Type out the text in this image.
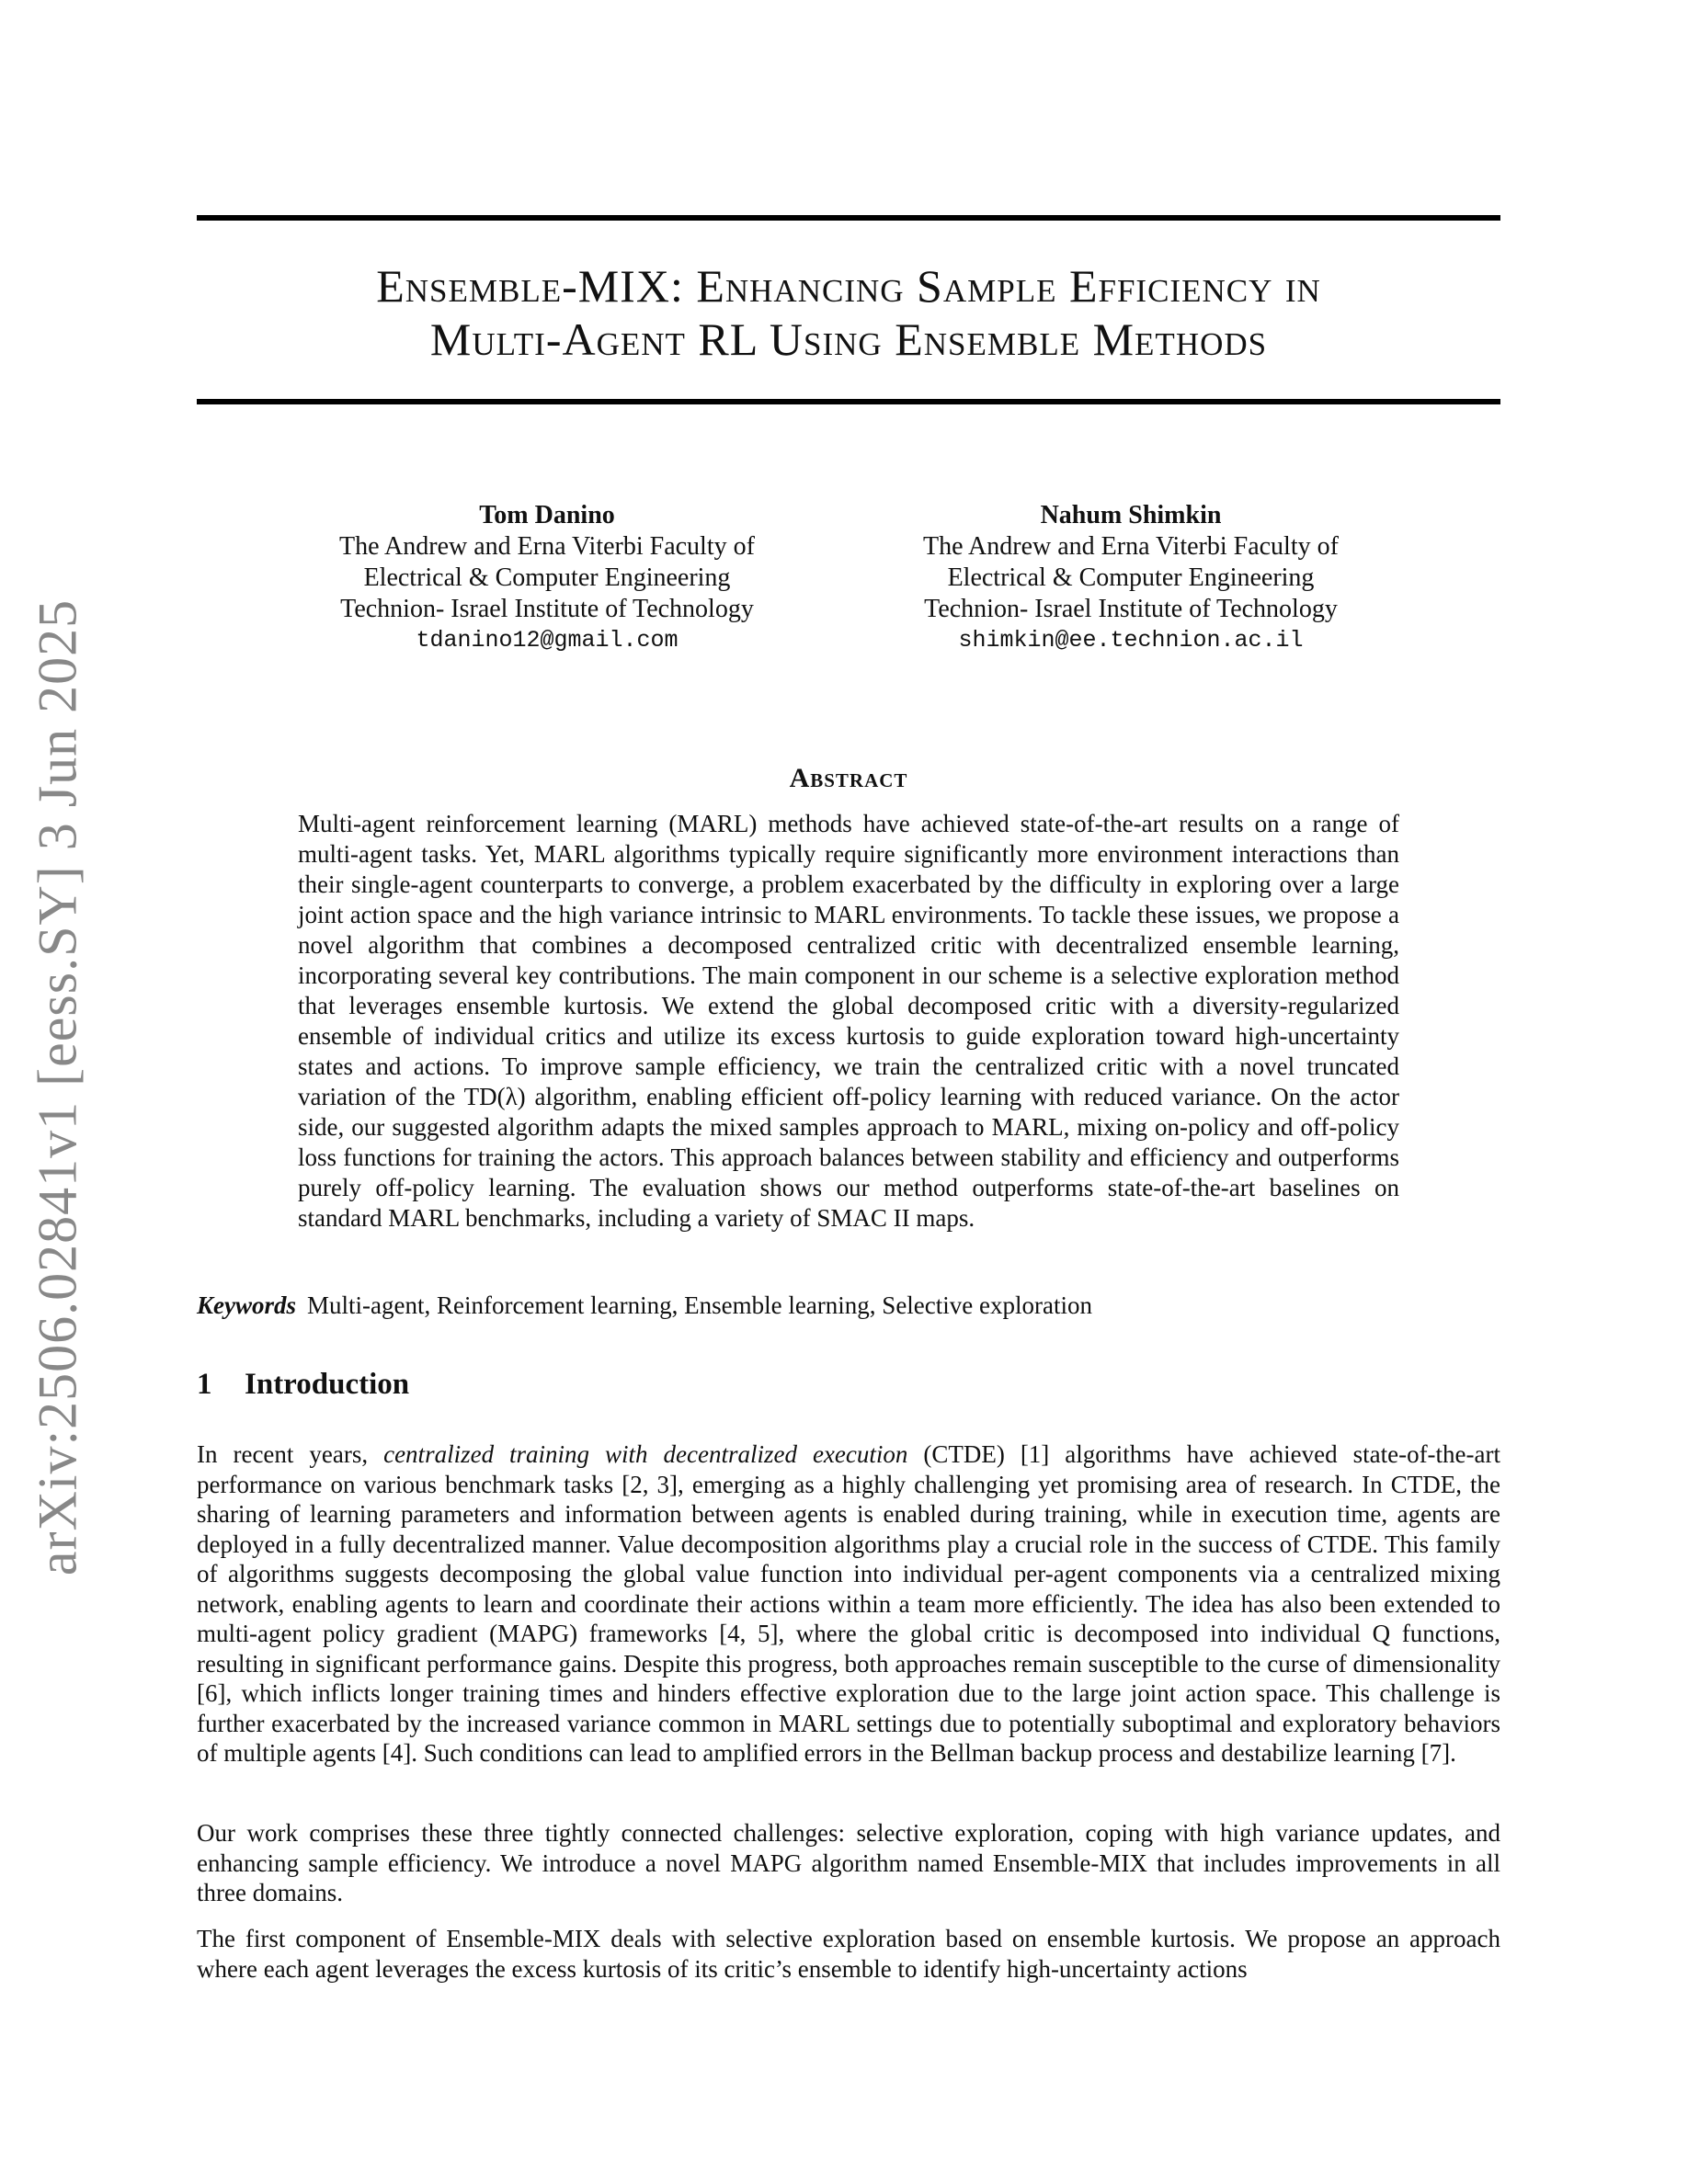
arXiv:2506.02841v1 [eess.SY] 3 Jun 2025
Ensemble-MIX: Enhancing Sample Efficiency in
Multi-Agent RL Using Ensemble Methods
Tom Danino
The Andrew and Erna Viterbi Faculty of
Electrical & Computer Engineering
Technion- Israel Institute of Technology
tdanino12@gmail.com
Nahum Shimkin
The Andrew and Erna Viterbi Faculty of
Electrical & Computer Engineering
Technion- Israel Institute of Technology
shimkin@ee.technion.ac.il
Abstract
Multi-agent reinforcement learning (MARL) methods have achieved state-of-the-art results on a range of multi-agent tasks. Yet, MARL algorithms typically require significantly more environment interactions than their single-agent counterparts to converge, a problem exacerbated by the difficulty in exploring over a large joint action space and the high variance intrinsic to MARL environments. To tackle these issues, we propose a novel algorithm that combines a decomposed centralized critic with decentralized ensemble learning, incorporating several key contributions. The main component in our scheme is a selective exploration method that leverages ensemble kurtosis. We extend the global decomposed critic with a diversity-regularized ensemble of individual critics and utilize its excess kurtosis to guide exploration toward high-uncertainty states and actions. To improve sample efficiency, we train the centralized critic with a novel truncated variation of the TD(λ) algorithm, enabling efficient off-policy learning with reduced variance. On the actor side, our suggested algorithm adapts the mixed samples approach to MARL, mixing on-policy and off-policy loss functions for training the actors. This approach balances between stability and efficiency and outperforms purely off-policy learning. The evaluation shows our method outperforms state-of-the-art baselines on standard MARL benchmarks, including a variety of SMAC II maps.
Keywords Multi-agent, Reinforcement learning, Ensemble learning, Selective exploration
1 Introduction
In recent years, centralized training with decentralized execution (CTDE) [1] algorithms have achieved state-of-the-art performance on various benchmark tasks [2, 3], emerging as a highly challenging yet promising area of research. In CTDE, the sharing of learning parameters and information between agents is enabled during training, while in execution time, agents are deployed in a fully decentralized manner. Value decomposition algorithms play a crucial role in the success of CTDE. This family of algorithms suggests decomposing the global value function into individual per-agent components via a centralized mixing network, enabling agents to learn and coordinate their actions within a team more efficiently. The idea has also been extended to multi-agent policy gradient (MAPG) frameworks [4, 5], where the global critic is decomposed into individual Q functions, resulting in significant performance gains. Despite this progress, both approaches remain susceptible to the curse of dimensionality [6], which inflicts longer training times and hinders effective exploration due to the large joint action space. This challenge is further exacerbated by the increased variance common in MARL settings due to potentially suboptimal and exploratory behaviors of multiple agents [4]. Such conditions can lead to amplified errors in the Bellman backup process and destabilize learning [7].
Our work comprises these three tightly connected challenges: selective exploration, coping with high variance updates, and enhancing sample efficiency. We introduce a novel MAPG algorithm named Ensemble-MIX that includes improvements in all three domains.
The first component of Ensemble-MIX deals with selective exploration based on ensemble kurtosis. We propose an approach where each agent leverages the excess kurtosis of its critic’s ensemble to identify high-uncertainty actions
